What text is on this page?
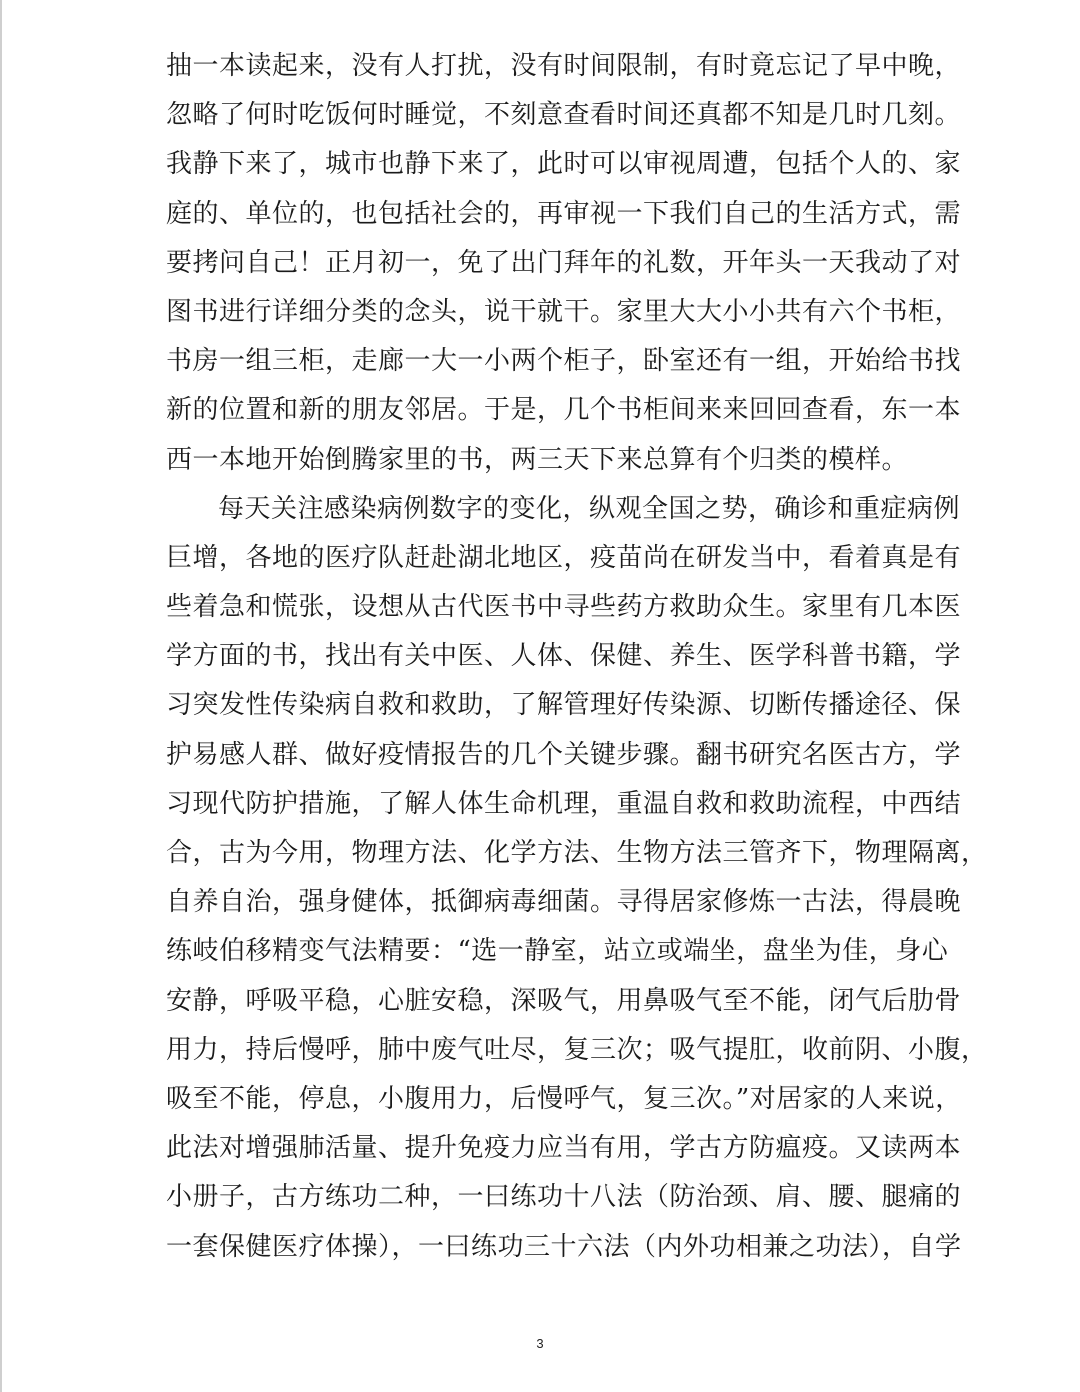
抽一本读起来，没有人打扰，没有时间限制，有时竟忘记了早中晚，
忽略了何时吃饭何时睡觉，不刻意查看时间还真都不知是几时几刻。
我静下来了，城市也静下来了，此时可以审视周遭，包括个人的、家
庭的、单位的，也包括社会的，再审视一下我们自己的生活方式，需
要拷问自己！正月初一，免了出门拜年的礼数，开年头一天我动了对
图书进行详细分类的念头，说干就干。家里大大小小共有六个书柜，
书房一组三柜，走廊一大一小两个柜子，卧室还有一组，开始给书找
新的位置和新的朋友邻居。于是，几个书柜间来来回回查看，东一本
西一本地开始倒腾家里的书，两三天下来总算有个归类的模样。
每天关注感染病例数字的变化，纵观全国之势，确诊和重症病例
巨增，各地的医疗队赶赴湖北地区，疫苗尚在研发当中，看着真是有
些着急和慌张，设想从古代医书中寻些药方救助众生。家里有几本医
学方面的书，找出有关中医、人体、保健、养生、医学科普书籍，学
习突发性传染病自救和救助，了解管理好传染源、切断传播途径、保
护易感人群、做好疫情报告的几个关键步骤。翻书研究名医古方，学
习现代防护措施，了解人体生命机理，重温自救和救助流程，中西结
合，古为今用，物理方法、化学方法、生物方法三管齐下，物理隔离，
自养自治，强身健体，抵御病毒细菌。寻得居家修炼一古法，得晨晚
练岐伯移精变气法精要：“选一静室，站立或端坐，盘坐为佳，身心
安静，呼吸平稳，心脏安稳，深吸气，用鼻吸气至不能，闭气后肋骨
用力，持后慢呼，肺中废气吐尽，复三次；吸气提肛，收前阴、小腹，
吸至不能，停息，小腹用力，后慢呼气，复三次。”对居家的人来说，
此法对增强肺活量、提升免疫力应当有用，学古方防瘟疫。又读两本
小册子，古方练功二种，一曰练功十八法（防治颈、肩、腰、腿痛的
一套保健医疗体操），一曰练功三十六法（内外功相兼之功法），自学
3
